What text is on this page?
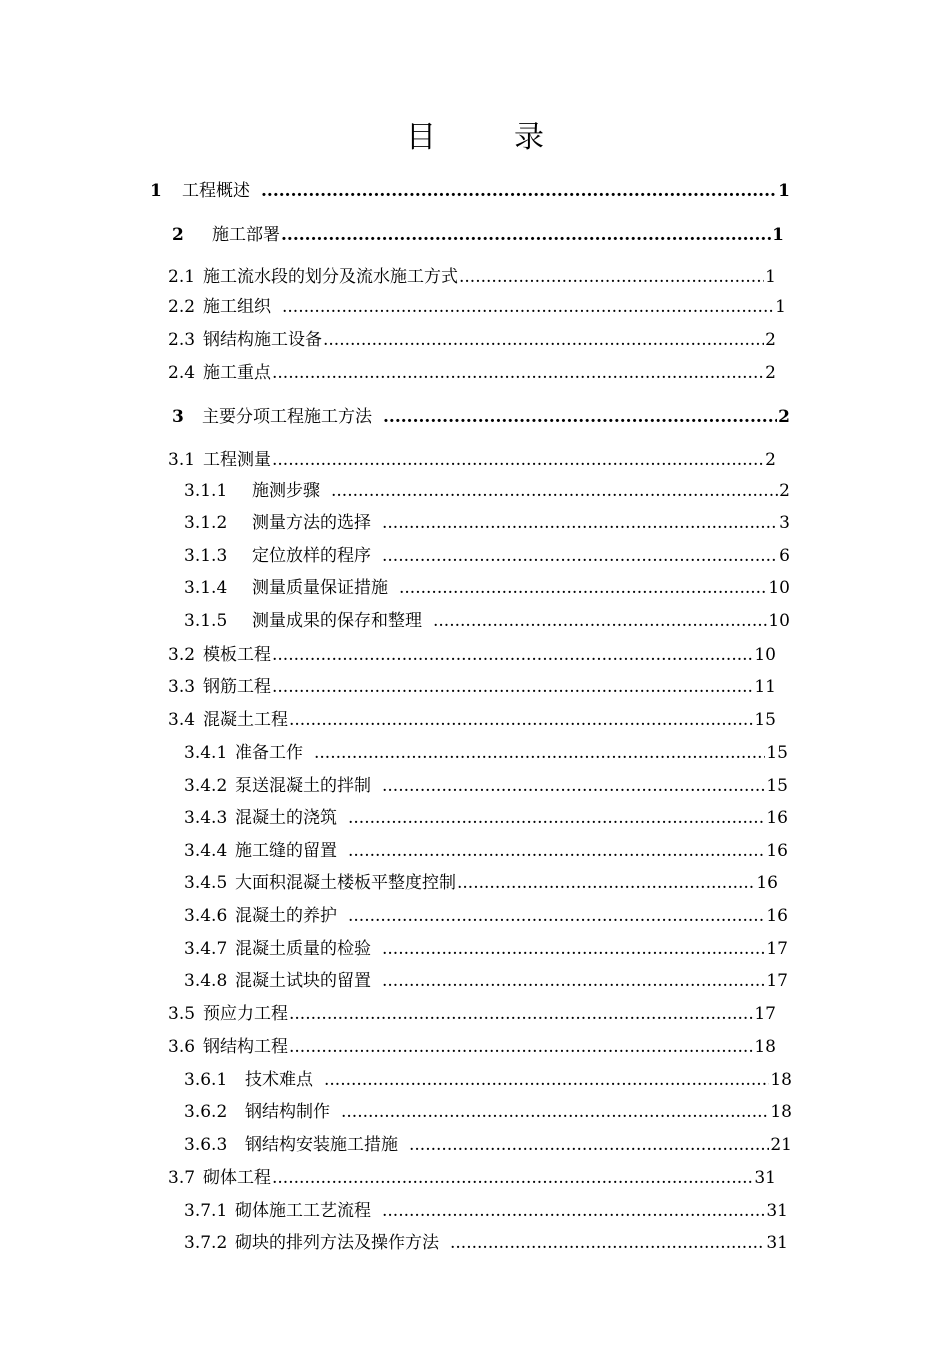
目	录
1	工程概述 .....	1
2	施工部署 .....	1
2.1 施工流水段的划分及流水施工方式 .....	1
2.2 施工组织 .....	1
2.3 钢结构施工设备 .....	2
2.4 施工重点 .....	2
3	主要分项工程施工方法 .....	2
3.1 工程测量 .....	2
3.1.1	施测步骤 .....	2
3.1.2	测量方法的选择 .....	3
3.1.3	定位放样的程序 .....	6
3.1.4	测量质量保证措施 .....	10
3.1.5	测量成果的保存和整理 .....	10
3.2 模板工程 .....	10
3.3 钢筋工程 .....	11
3.4 混凝土工程 .....	15
3.4.1 准备工作 .....	15
3.4.2 泵送混凝土的拌制 .....	15
3.4.3 混凝土的浇筑 .....	16
3.4.4 施工缝的留置 .....	16
3.4.5 大面积混凝土楼板平整度控制 .....	16
3.4.6 混凝土的养护 .....	16
3.4.7 混凝土质量的检验 .....	17
3.4.8 混凝土试块的留置 .....	17
3.5 预应力工程 .....	17
3.6 钢结构工程 .....	18
3.6.1	技术难点 .....	18
3.6.2	钢结构制作 .....	18
3.6.3	钢结构安装施工措施 .....	21
3.7 砌体工程 .....	31
3.7.1 砌体施工工艺流程 .....	31
3.7.2 砌块的排列方法及操作方法 .....	31
